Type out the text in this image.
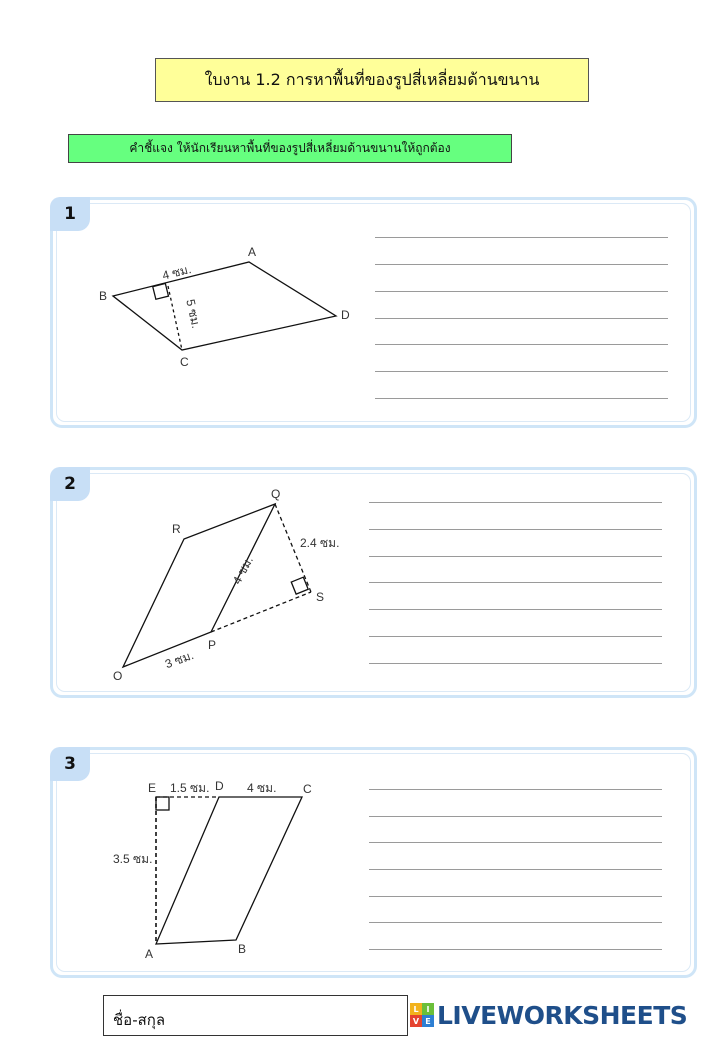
ใบงาน 1.2 การหาพื้นที่ของรูปสี่เหลี่ยมด้านขนาน
คำชี้แจง ให้นักเรียนหาพื้นที่ของรูปสี่เหลี่ยมด้านขนานให้ถูกต้อง
1
A
B
C
D
4 ซม.
5 ซม.
2	Q
R
S
P
O
2.4 ซม.
4 ซม.
3 ซม.
3
E	D	C
A	B
1.5 ซม.	4 ซม.
3.5 ซม.
ชื่อ-สกุล
L I
V E LIVEWORKSHEETS
